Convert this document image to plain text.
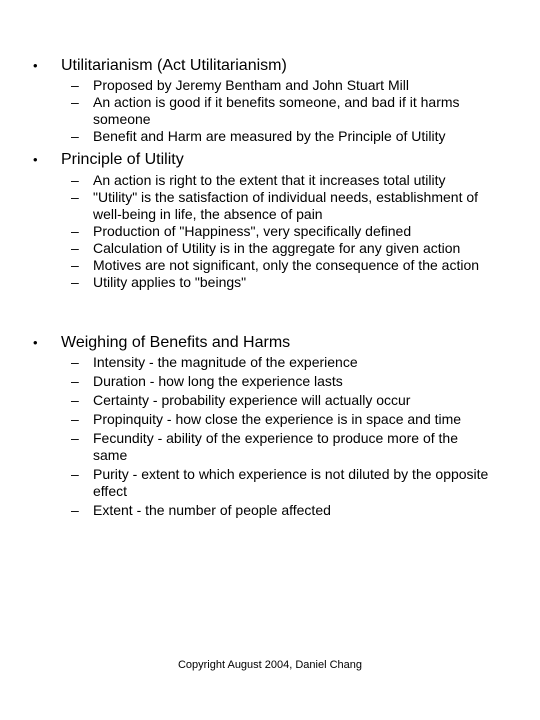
• Utilitarianism (Act Utilitarianism)
– Proposed by Jeremy Bentham and John Stuart Mill
– An action is good if it benefits someone, and bad if it harms someone
– Benefit and Harm are measured by the Principle of Utility
• Principle of Utility
– An action is right to the extent that it increases total utility
– "Utility" is the satisfaction of individual needs, establishment of well-being in life, the absence of pain
– Production of "Happiness", very specifically defined
– Calculation of Utility is in the aggregate for any given action
– Motives are not significant, only the consequence of the action
– Utility applies to "beings"
• Weighing of Benefits and Harms
– Intensity - the magnitude of the experience
– Duration - how long the experience lasts
– Certainty - probability experience will actually occur
– Propinquity - how close the experience is in space and time
– Fecundity - ability of the experience to produce more of the same
– Purity - extent to which experience is not diluted by the opposite effect
– Extent - the number of people affected
Copyright August 2004, Daniel Chang
